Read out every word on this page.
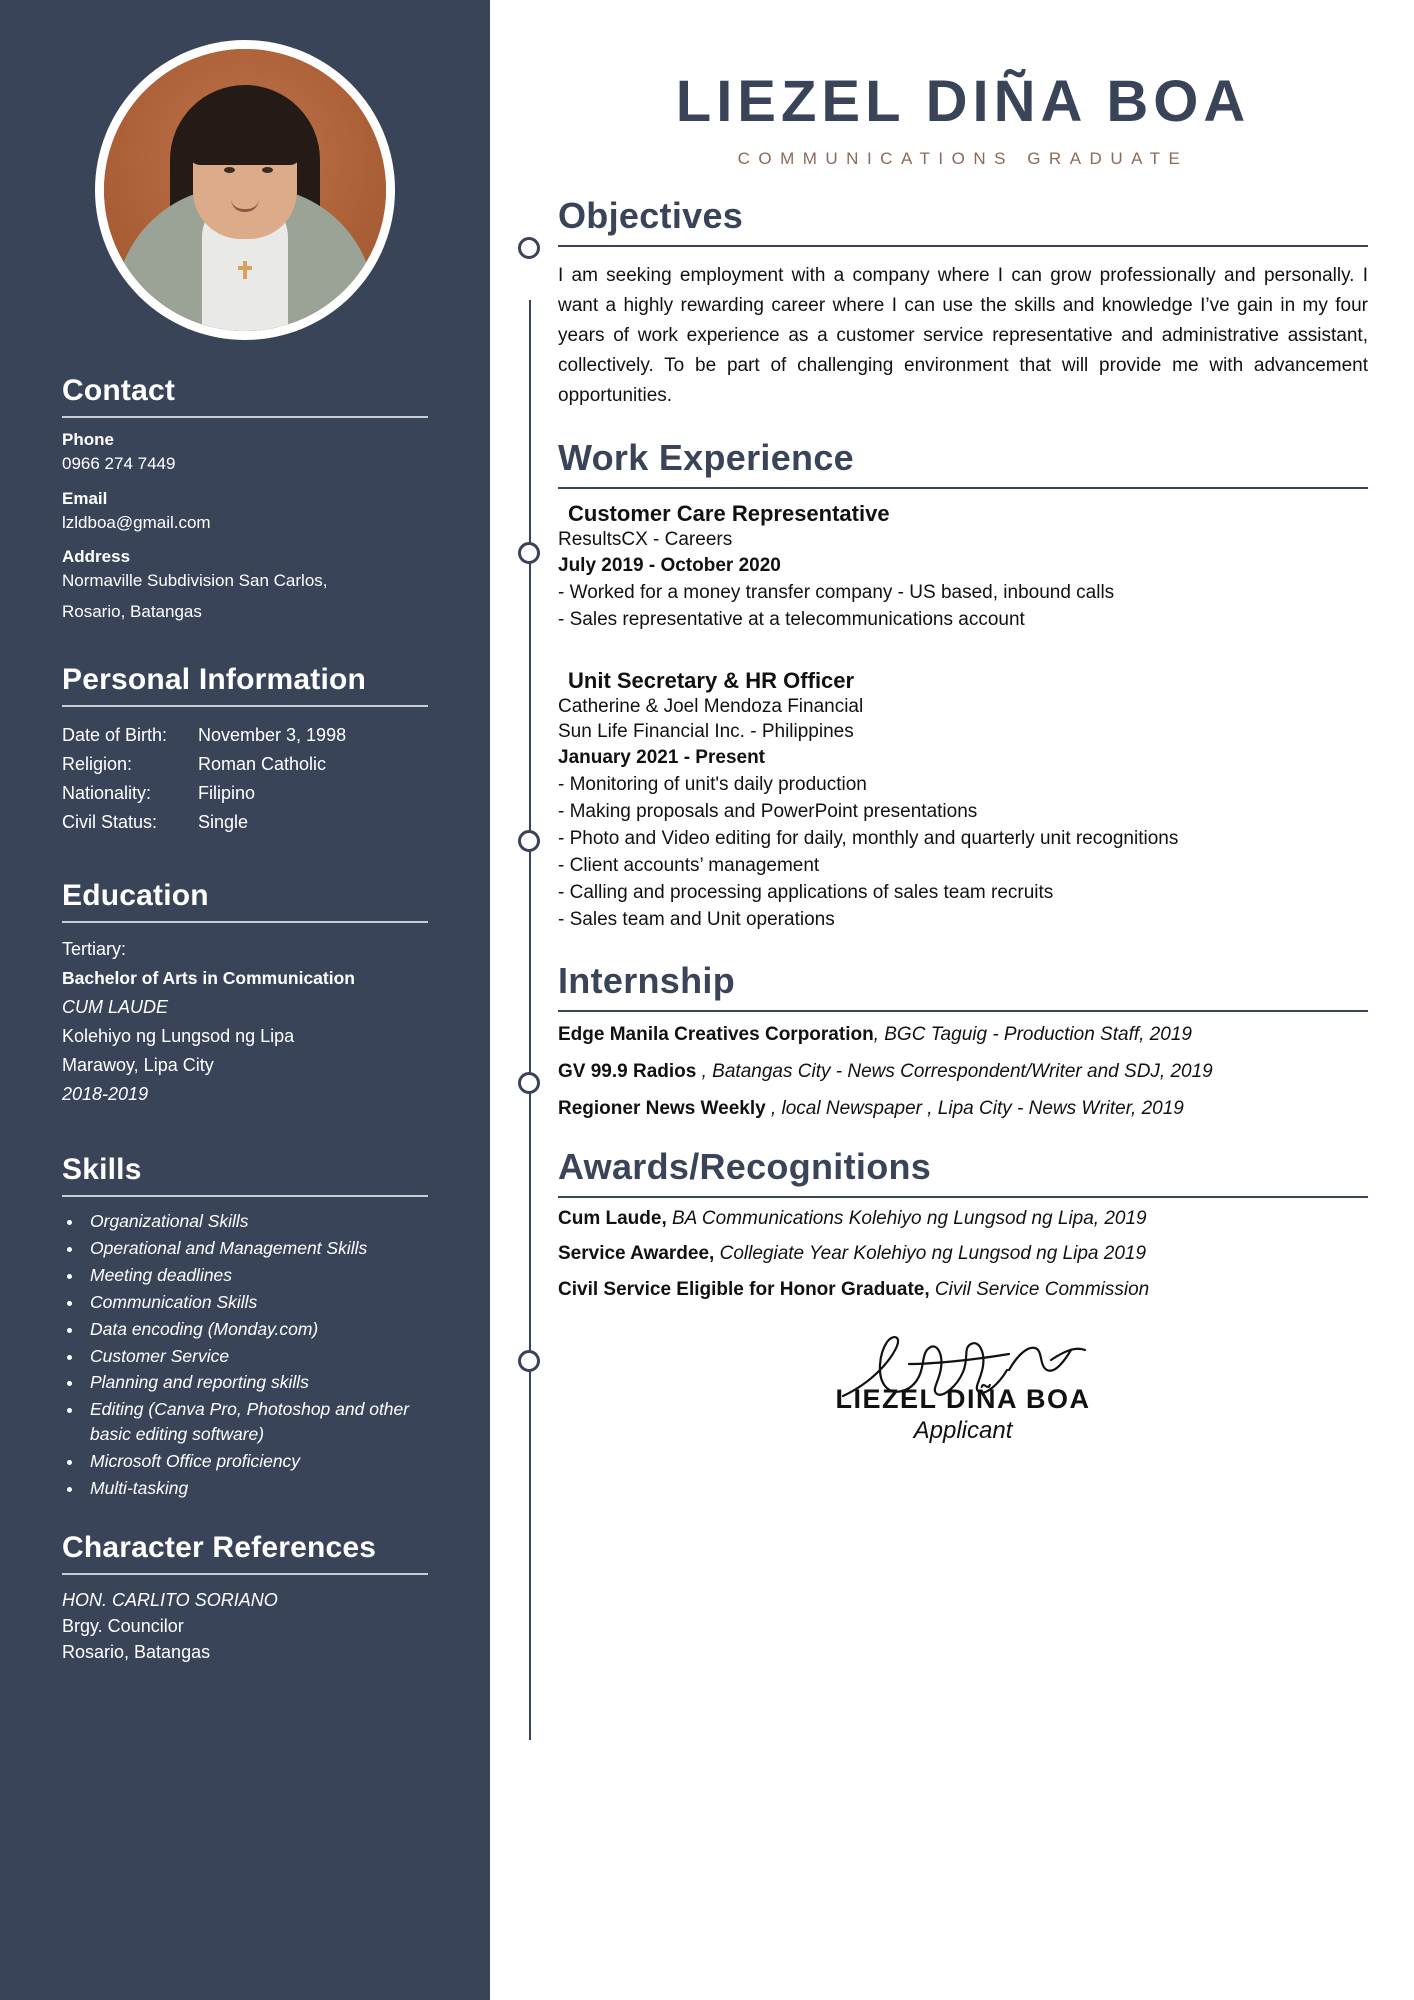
Contact
Phone
0966 274 7449
Email
lzldboa@gmail.com
Address
Normaville Subdivision San Carlos,
Rosario, Batangas
Personal Information
Date of Birth:	November 3, 1998
Religion:	Roman Catholic
Nationality:	Filipino
Civil Status:	Single
Education
Tertiary:
Bachelor of Arts in Communication
CUM LAUDE
Kolehiyo ng Lungsod ng Lipa
Marawoy, Lipa City
2018-2019
Skills
• Organizational Skills
• Operational and Management Skills
• Meeting deadlines
• Communication Skills
• Data encoding (Monday.com)
• Customer Service
• Planning and reporting skills
• Editing (Canva Pro, Photoshop and other basic editing software)
• Microsoft Office proficiency
• Multi-tasking
Character References
HON. CARLITO SORIANO
Brgy. Councilor
Rosario, Batangas
LIEZEL DIÑA BOA
COMMUNICATIONS GRADUATE
Objectives

I am seeking employment with a company where I can grow professionally and personally. I want a highly rewarding career where I can use the skills and knowledge I’ve gain in my four years of work experience as a customer service representative and administrative assistant, collectively. To be part of challenging environment that will provide me with advancement opportunities.

Work Experience
Customer Care Representative
ResultsCX - Careers
July 2019 - October 2020
- Worked for a money transfer company - US based, inbound calls
- Sales representative at a telecommunications account
Unit Secretary & HR Officer
Catherine & Joel Mendoza Financial
Sun Life Financial Inc. - Philippines
January 2021 - Present
- Monitoring of unit's daily production
- Making proposals and PowerPoint presentations
- Photo and Video editing for daily, monthly and quarterly unit recognitions
- Client accounts’ management
- Calling and processing applications of sales team recruits
- Sales team and Unit operations
Internship

Edge Manila Creatives Corporation, BGC Taguig - Production Staff, 2019

GV 99.9 Radios , Batangas City - News Correspondent/Writer and SDJ, 2019

Regioner News Weekly , local Newspaper , Lipa City - News Writer, 2019

Awards/Recognitions

Cum Laude, BA Communications Kolehiyo ng Lungsod ng Lipa, 2019

Service Awardee, Collegiate Year Kolehiyo ng Lungsod ng Lipa 2019

Civil Service Eligible for Honor Graduate, Civil Service Commission

LIEZEL DIÑA BOA
Applicant
